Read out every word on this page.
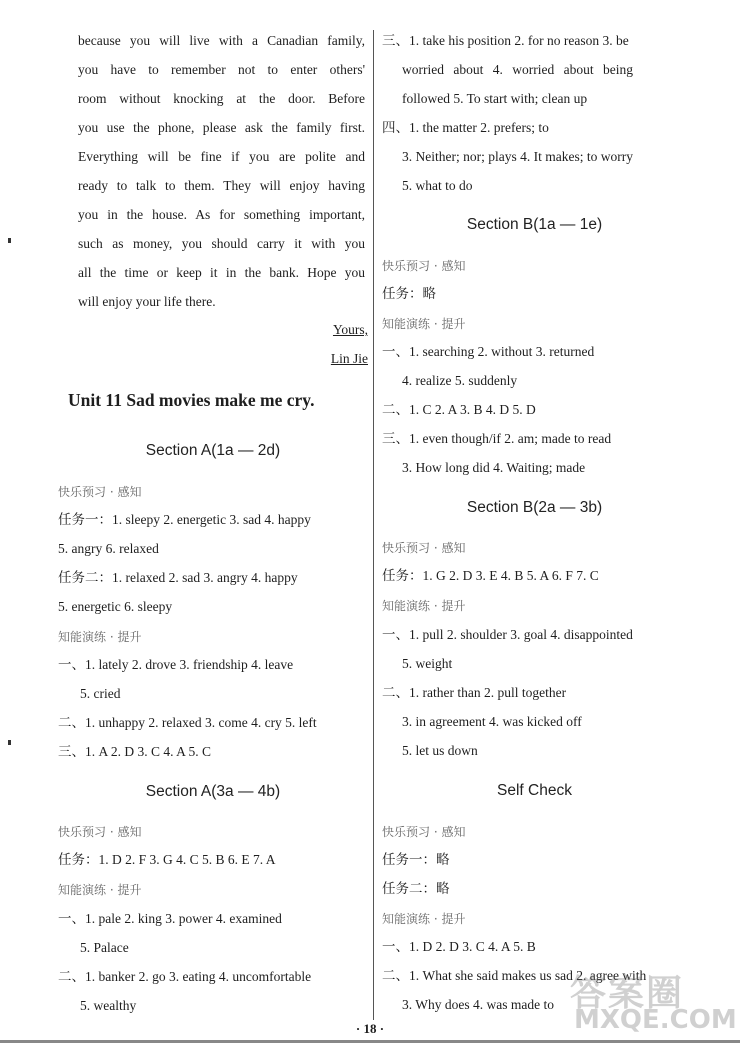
because you will live with a Canadian family,
you have to remember not to enter others'
room without knocking at the door. Before
you use the phone, please ask the family first.
Everything will be fine if you are polite and
ready to talk to them. They will enjoy having
you in the house. As for something important,
such as money, you should carry it with you
all the time or keep it in the bank. Hope you
will enjoy your life there.
Yours,
Lin Jie
Unit 11 Sad movies make me cry.
Section A(1a — 2d)
快乐预习 · 感知
任务一：1. sleepy 2. energetic 3. sad 4. happy
5. angry 6. relaxed
任务二：1. relaxed 2. sad 3. angry 4. happy
5. energetic 6. sleepy
知能演练 · 提升
一、1. lately 2. drove 3. friendship 4. leave
5. cried
二、1. unhappy 2. relaxed 3. come 4. cry 5. left
三、1. A 2. D 3. C 4. A 5. C
Section A(3a — 4b)
快乐预习 · 感知
任务：1. D 2. F 3. G 4. C 5. B 6. E 7. A
知能演练 · 提升
一、1. pale 2. king 3. power 4. examined
5. Palace
二、1. banker 2. go 3. eating 4. uncomfortable
5. wealthy
三、1. take his position 2. for no reason 3. be
worried about 4. worried about being
followed 5. To start with; clean up
四、1. the matter 2. prefers; to
3. Neither; nor; plays 4. It makes; to worry
5. what to do
Section B(1a — 1e)
快乐预习 · 感知
任务：略
知能演练 · 提升
一、1. searching 2. without 3. returned
4. realize 5. suddenly
二、1. C 2. A 3. B 4. D 5. D
三、1. even though/if 2. am; made to read
3. How long did 4. Waiting; made
Section B(2a — 3b)
快乐预习 · 感知
任务：1. G 2. D 3. E 4. B 5. A 6. F 7. C
知能演练 · 提升
一、1. pull 2. shoulder 3. goal 4. disappointed
5. weight
二、1. rather than 2. pull together
3. in agreement 4. was kicked off
5. let us down
Self Check
快乐预习 · 感知
任务一：略
任务二：略
知能演练 · 提升
一、1. D 2. D 3. C 4. A 5. B
二、1. What she said makes us sad 2. agree with
3. Why does 4. was made to 答案圈
MXQE.COM
· 18 ·
